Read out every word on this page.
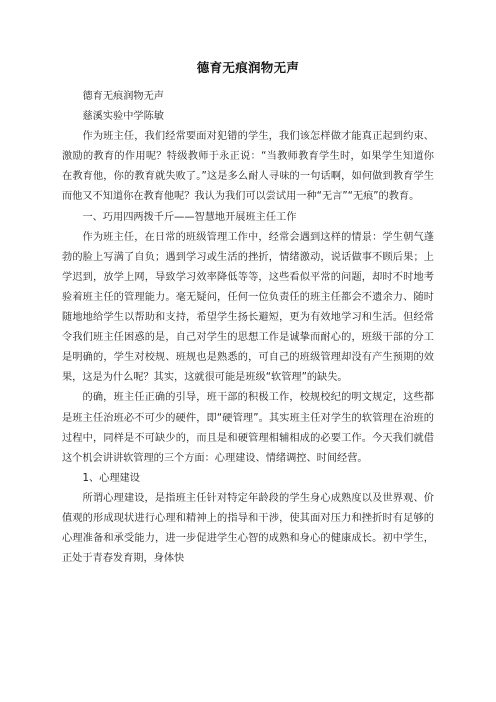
德育无痕润物无声

德育无痕润物无声

慈溪实验中学陈敏

作为班主任，我们经常要面对犯错的学生，我们该怎样做才能真正起到约束、激励的教育的作用呢？特级教师于永正说：“当教师教育学生时，如果学生知道你在教育他，你的教育就失败了。”这是多么耐人寻味的一句话啊，如何做到教育学生而他又不知道你在教育他呢？我认为我们可以尝试用一种“无言”“无痕”的教育。

一、巧用四两拨千斤——智慧地开展班主任工作

作为班主任，在日常的班级管理工作中，经常会遇到这样的情景：学生朝气蓬勃的脸上写满了自负；遇到学习或生活的挫折，情绪激动，说话做事不顾后果；上学迟到，放学上网，导致学习效率降低等等，这些看似平常的问题，却时不时地考验着班主任的管理能力。毫无疑问，任何一位负责任的班主任都会不遗余力、随时随地地给学生以帮助和支持，希望学生扬长避短，更为有效地学习和生活。但经常令我们班主任困惑的是，自己对学生的思想工作是诚挚而耐心的，班级干部的分工是明确的，学生对校规、班规也是熟悉的，可自己的班级管理却没有产生预期的效果，这是为什么呢？其实，这就很可能是班级“软管理”的缺失。

的确，班主任正确的引导，班干部的积极工作，校规校纪的明文规定，这些都是班主任治班必不可少的硬件，即“硬管理”。其实班主任对学生的软管理在治班的过程中，同样是不可缺少的，而且是和硬管理相辅相成的必要工作。今天我们就借这个机会讲讲软管理的三个方面：心理建设、情绪调控、时间经营。

1、心理建设

所谓心理建设，是指班主任针对特定年龄段的学生身心成熟度以及世界观、价值观的形成现状进行心理和精神上的指导和干涉，使其面对压力和挫折时有足够的心理准备和承受能力，进一步促进学生心智的成熟和身心的健康成长。初中学生，正处于青春发育期，身体快
